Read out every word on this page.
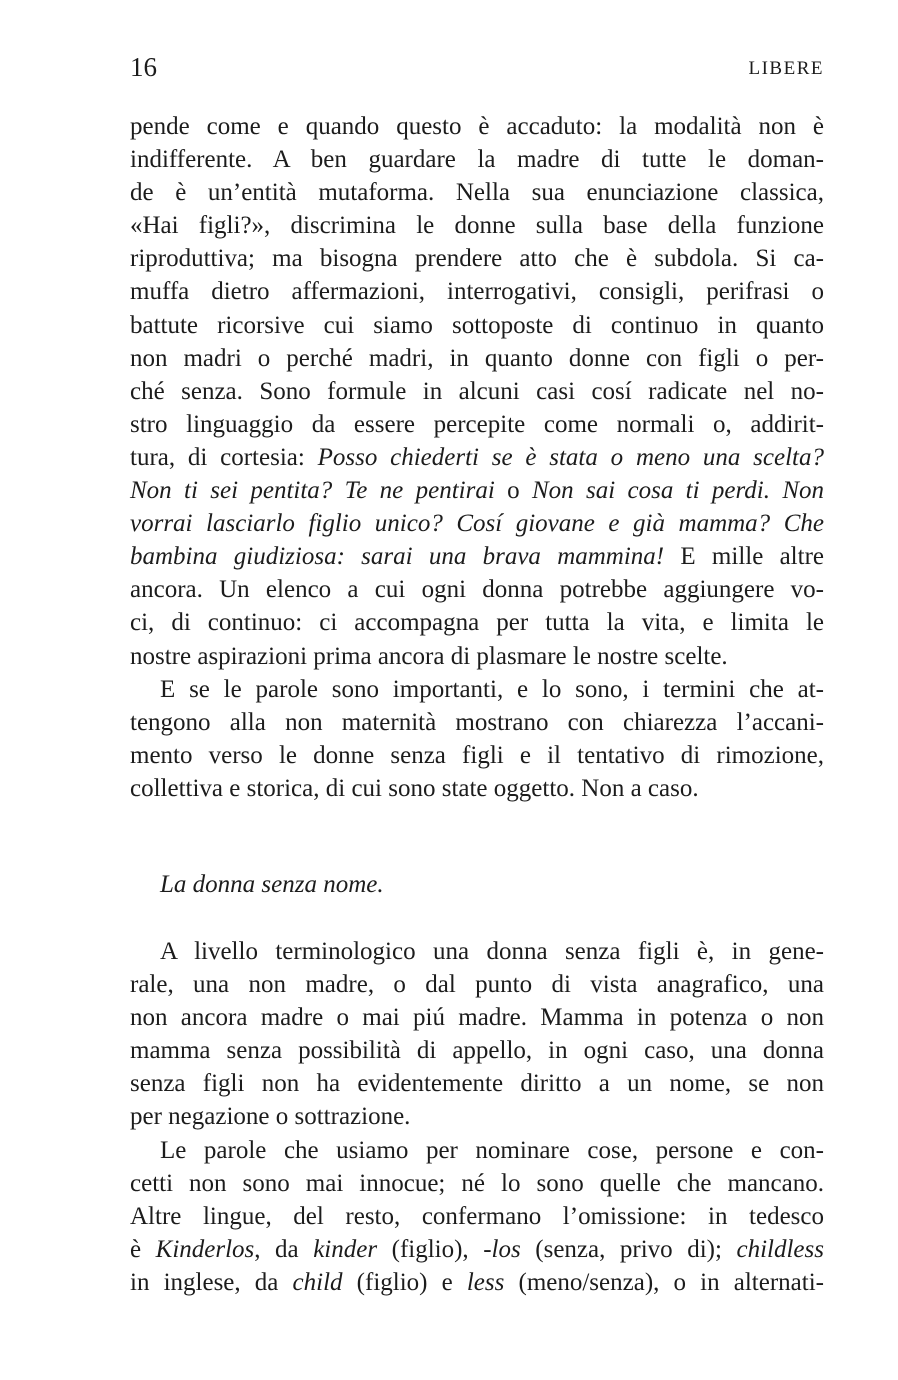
16	LIBERE
pende come e quando questo è accaduto: la modalità non è
indifferente. A ben guardare la madre di tutte le doman-
de è un’entità mutaforma. Nella sua enunciazione classica,
«Hai figli?», discrimina le donne sulla base della funzione
riproduttiva; ma bisogna prendere atto che è subdola. Si ca-
muffa dietro affermazioni, interrogativi, consigli, perifrasi o
battute ricorsive cui siamo sottoposte di continuo in quanto
non madri o perché madri, in quanto donne con figli o per-
ché senza. Sono formule in alcuni casi cosí radicate nel no-
stro linguaggio da essere percepite come normali o, addirit-
tura, di cortesia: Posso chiederti se è stata o meno una scelta?
Non ti sei pentita? Te ne pentirai o Non sai cosa ti perdi. Non
vorrai lasciarlo figlio unico? Cosí giovane e già mamma? Che
bambina giudiziosa: sarai una brava mammina! E mille altre
ancora. Un elenco a cui ogni donna potrebbe aggiungere vo-
ci, di continuo: ci accompagna per tutta la vita, e limita le
nostre aspirazioni prima ancora di plasmare le nostre scelte.
E se le parole sono importanti, e lo sono, i termini che at-
tengono alla non maternità mostrano con chiarezza l’accani-
mento verso le donne senza figli e il tentativo di rimozione,
collettiva e storica, di cui sono state oggetto. Non a caso.
La donna senza nome.
A livello terminologico una donna senza figli è, in gene-
rale, una non madre, o dal punto di vista anagrafico, una
non ancora madre o mai piú madre. Mamma in potenza o non
mamma senza possibilità di appello, in ogni caso, una donna
senza figli non ha evidentemente diritto a un nome, se non
per negazione o sottrazione.
Le parole che usiamo per nominare cose, persone e con-
cetti non sono mai innocue; né lo sono quelle che mancano.
Altre lingue, del resto, confermano l’omissione: in tedesco
è Kinderlos, da kinder (figlio), -los (senza, privo di); childless
in inglese, da child (figlio) e less (meno/senza), o in alternati-
